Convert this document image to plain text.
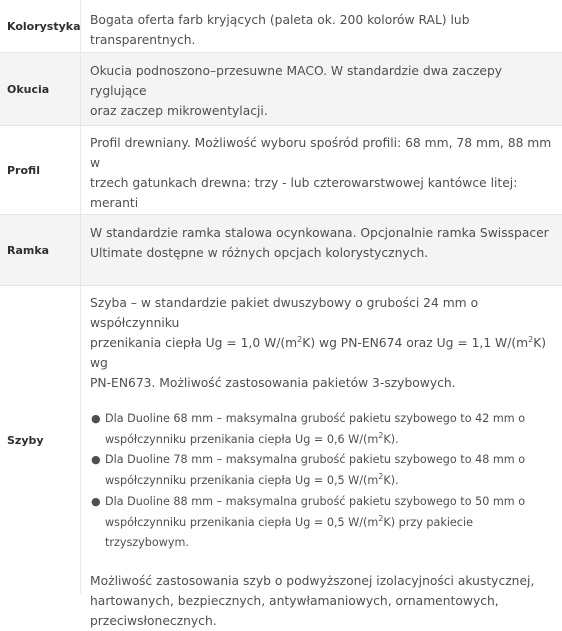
Kolorystyka Bogata oferta farb kryjących (paleta ok. 200 kolorów RAL) lub transparentnych.

Okucia

Okucia podnoszono–przesuwne MACO. W standardzie dwa zaczepy ryglujące

oraz zaczep mikrowentylacji.

Profil

Profil drewniany. Możliwość wyboru spośród profili: 68 mm, 78 mm, 88 mm w

trzech gatunkach drewna: trzy - lub czterowarstwowej kantówce litej: meranti

Ramka

W standardzie ramka stalowa ocynkowana. Opcjonalnie ramka Swisspacer

Ultimate dostępne w różnych opcjach kolorystycznych.

Szyby

Szyba – w standardzie pakiet dwuszybowy o grubości 24 mm o współczynniku

przenikania ciepła Ug = 1,0 $W/(m^2K)$ wg PN-EN674 oraz Ug = 1,1 $W/(m^2K)$ wg

PN-EN673. Możliwość zastosowania pakietów 3-szybowych.

● Dla Duoline 68 mm – maksymalna grubość pakietu szybowego to 42 mm o
współczynniku przenikania ciepła Ug = 0,6 $W/(m^2K)$.
● Dla Duoline 78 mm – maksymalna grubość pakietu szybowego to 48 mm o
współczynniku przenikania ciepła Ug = 0,5 $W/(m^2K)$.
● Dla Duoline 88 mm – maksymalna grubość pakietu szybowego to 50 mm o
współczynniku przenikania ciepła Ug = 0,5 $W/(m^2K)$ przy pakiecie trzyszybowym.

Możliwość zastosowania szyb o podwyższonej izolacyjności akustycznej,

hartowanych, bezpiecznych, antywłamaniowych, ornamentowych,

przeciwsłonecznych.
